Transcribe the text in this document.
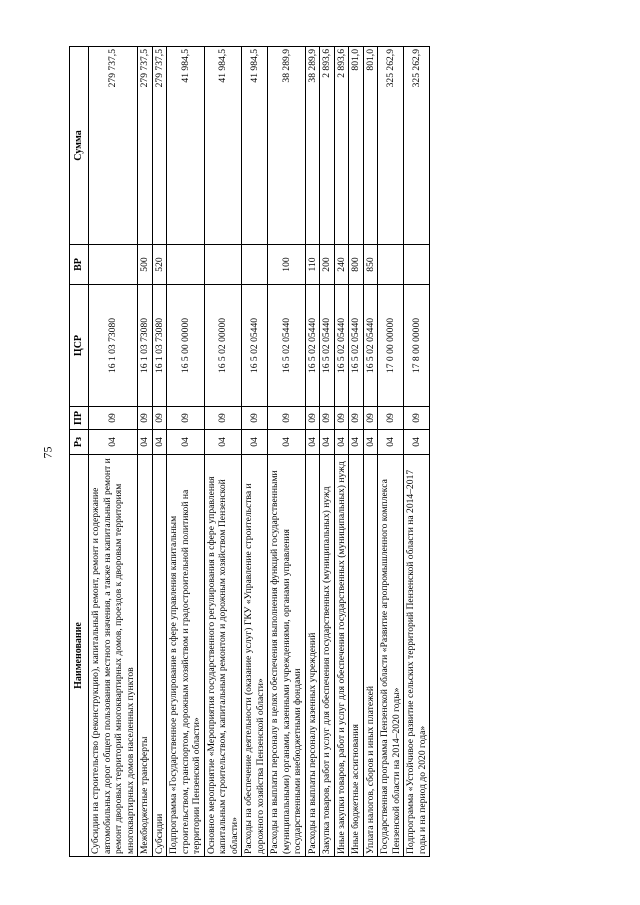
75
Наименование	Рз	ПР	ЦСР	ВР	Сумма
Субсидии на строительство (реконструкцию), капитальный ремонт, ремонт и содержание автомобильных дорог общего пользования местного значения, а также на капитальный ремонт и ремонт дворовых территорий многоквартирных домов, проездов к дворовым территориям многоквартирных домов населенных пунктов	04	09	16 1 03 73080		279 737,5
Межбюджетные трансферты	04	09	16 1 03 73080	500	279 737,5
Субсидии	04	09	16 1 03 73080	520	279 737,5
Подпрограмма «Государственное регулирование в сфере управления капитальным строительством, транспортом, дорожным хозяйством и градостроительной политикой на территории Пензенской области»	04	09	16 5 00 00000		41 984,5
Основное мероприятие «Мероприятия государственного регулирования в сфере управления капитальным строительством, капитальным ремонтом и дорожным хозяйством Пензенской области»	04	09	16 5 02 00000		41 984,5
Расходы на обеспечение деятельности (оказание услуг) ГКУ «Управление строительства и дорожного хозяйства Пензенской области»	04	09	16 5 02 05440		41 984,5
Расходы на выплаты персоналу в целях обеспечения выполнения функций государственными (муниципальными) органами, казенными учреждениями, органами управления государственными внебюджетными фондами	04	09	16 5 02 05440	100	38 289,9
Расходы на выплаты персоналу казенных учреждений	04	09	16 5 02 05440	110	38 289,9
Закупка товаров, работ и услуг для обеспечения государственных (муниципальных) нужд	04	09	16 5 02 05440	200	2 893,6
Иные закупки товаров, работ и услуг для обеспечения государственных (муниципальных) нужд	04	09	16 5 02 05440	240	2 893,6
Иные бюджетные ассигнования	04	09	16 5 02 05440	800	801,0
Уплата налогов, сборов и иных платежей	04	09	16 5 02 05440	850	801,0
Государственная программа Пензенской области «Развитие агропромышленного комплекса Пензенской области на 2014–2020 годы»	04	09	17 0 00 00000		325 262,9
Подпрограмма «Устойчивое развитие сельских территорий Пензенской области на 2014–2017 годы и на период до 2020 года»	04	09	17 8 00 00000		325 262,9
